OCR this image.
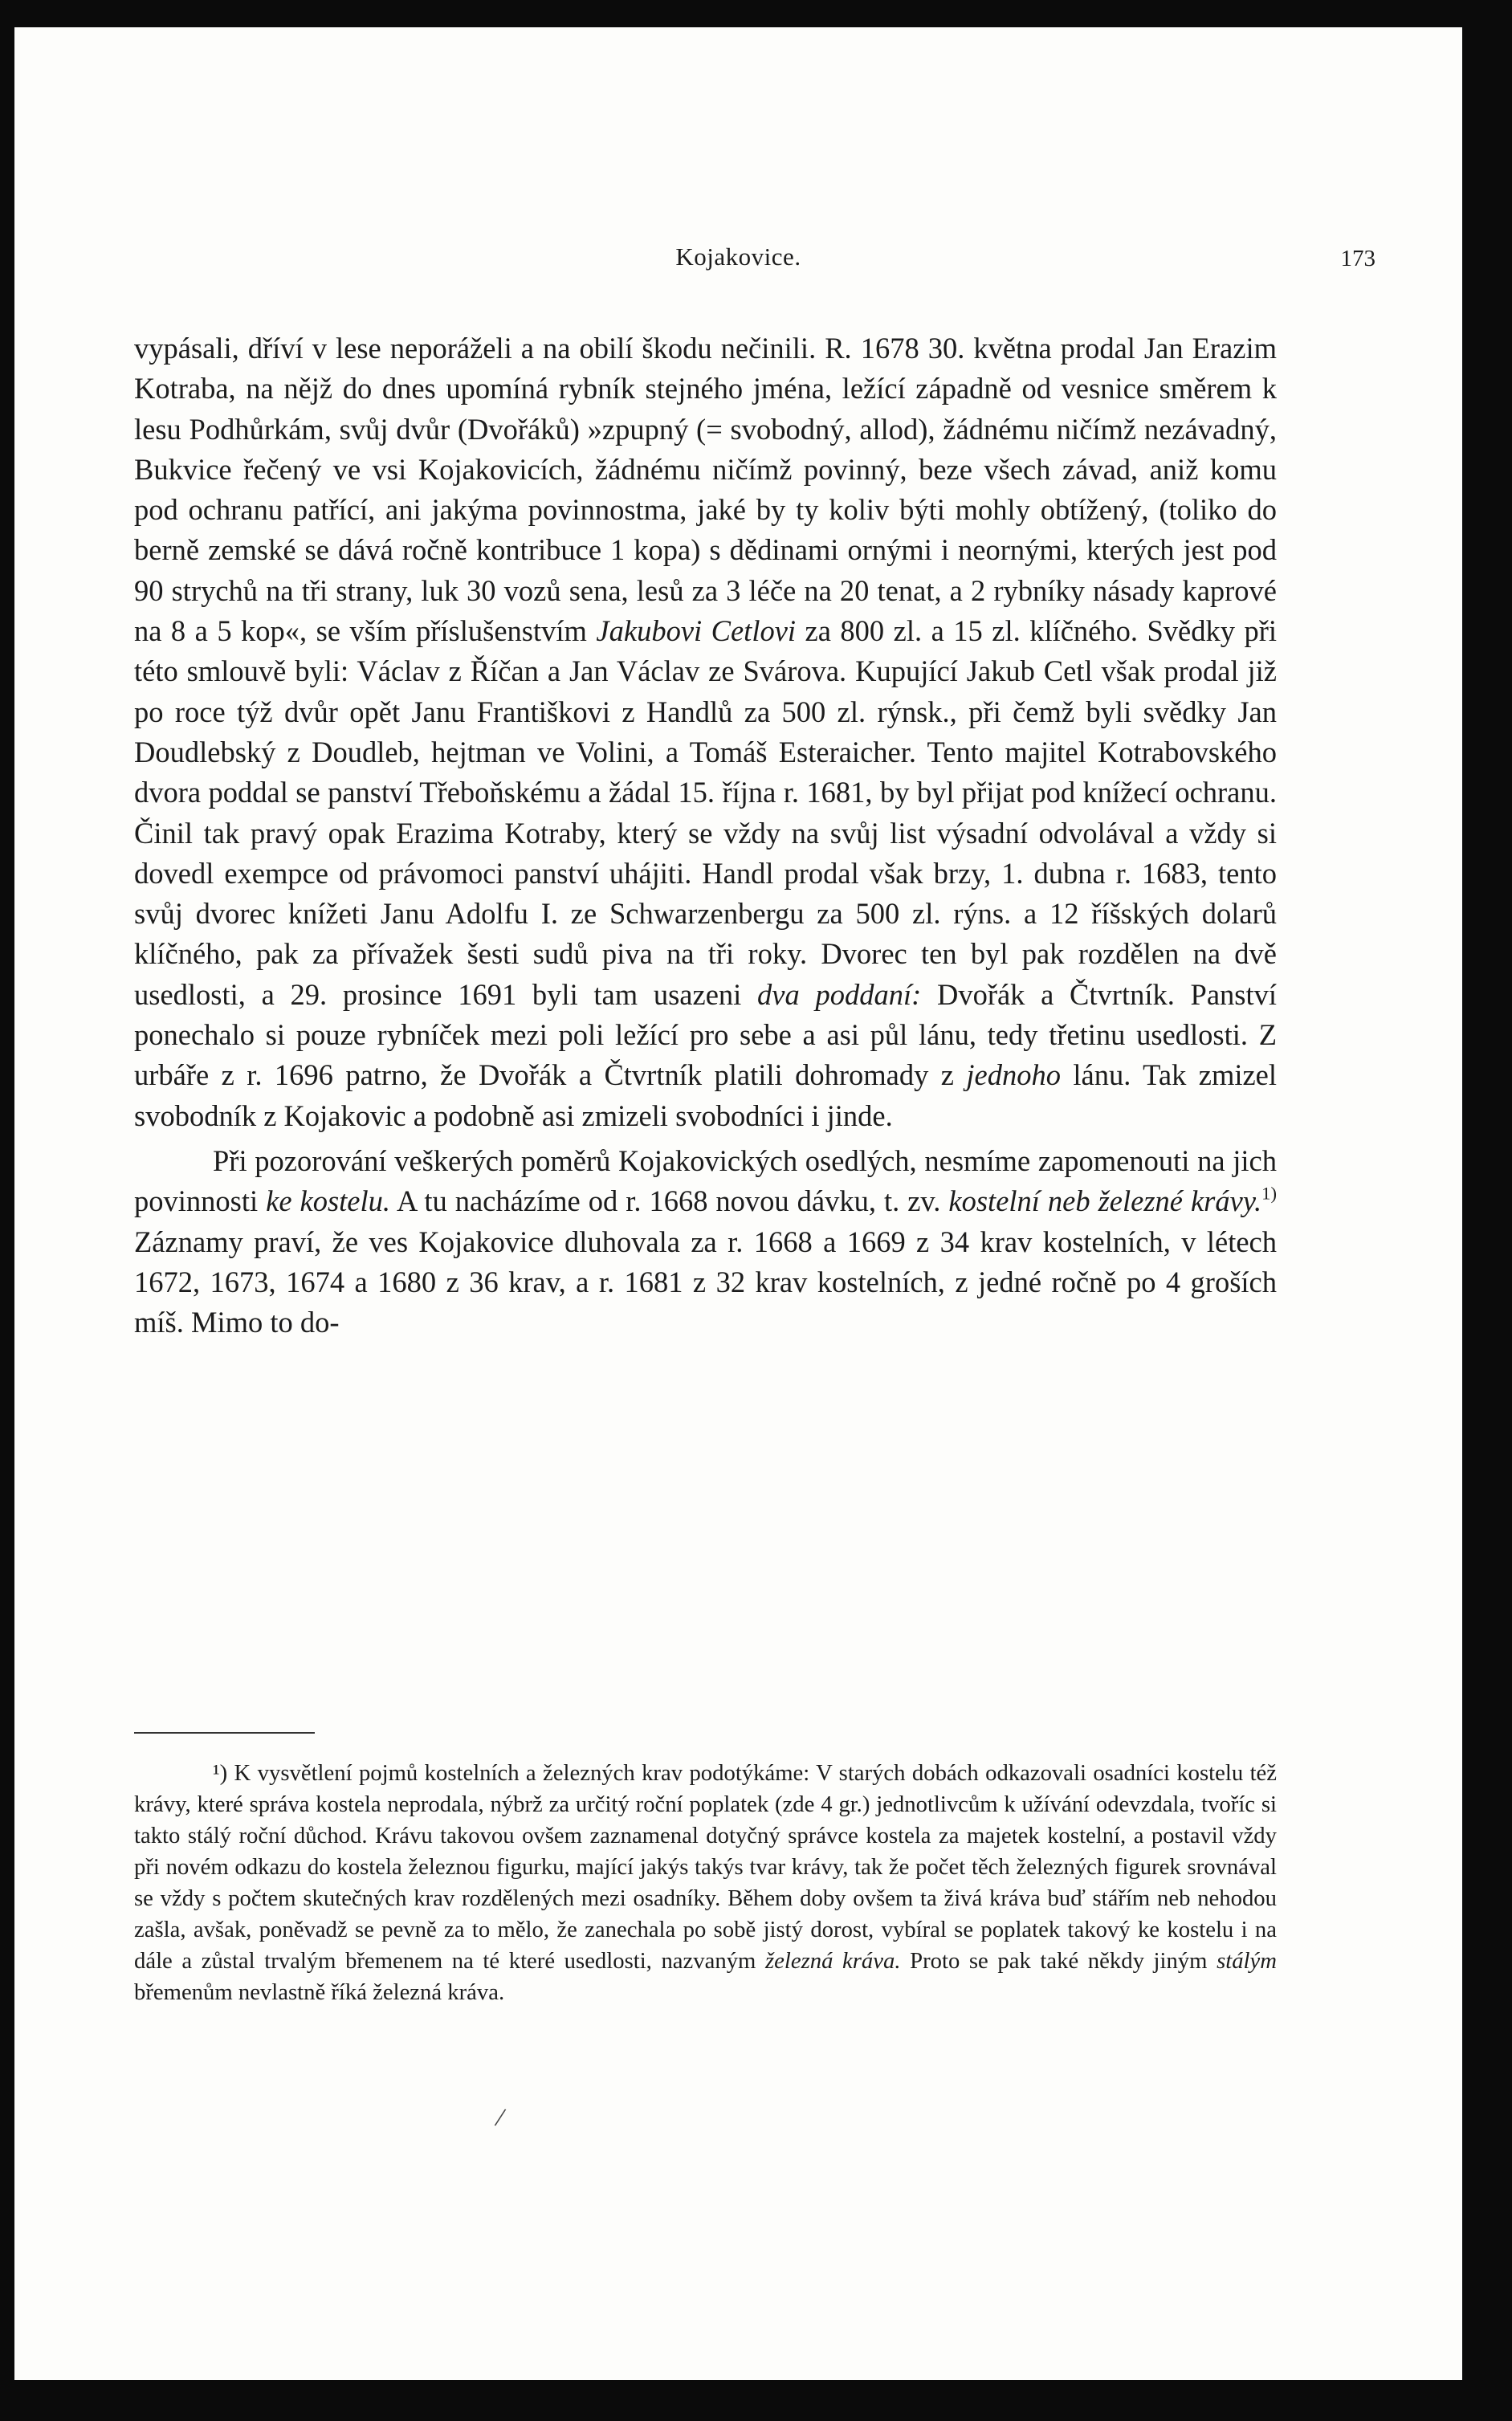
Kojakovice.	173

vypásali, dříví v lese neporáželi a na obilí škodu nečinili. R. 1678 30. května prodal Jan Erazim Kotraba, na nějž do dnes upomíná rybník stejného jména, ležící západně od vesnice směrem k lesu Podhůrkám, svůj dvůr (Dvořáků) »zpupný (= svobodný, allod), žádnému ničímž nezávadný, Bukvice řečený ve vsi Kojakovicích, žádnému ničímž povinný, beze všech závad, aniž komu pod ochranu patřící, ani jakýma povinnostma, jaké by ty koliv býti mohly obtížený, (toliko do berně zemské se dává ročně kontribuce 1 kopa) s dědinami ornými i neornými, kterých jest pod 90 strychů na tři strany, luk 30 vozů sena, lesů za 3 léče na 20 tenat, a 2 rybníky násady kaprové na 8 a 5 kop«, se vším příslušenstvím Jakubovi Cetlovi za 800 zl. a 15 zl. klíčného. Svědky při této smlouvě byli: Václav z Říčan a Jan Václav ze Svárova. Kupující Jakub Cetl však prodal již po roce týž dvůr opět Janu Františkovi z Handlů za 500 zl. rýnsk., při čemž byli svědky Jan Doudlebský z Doudleb, hejtman ve Volini, a Tomáš Esteraicher. Tento majitel Kotrabovského dvora poddal se panství Třeboňskému a žádal 15. října r. 1681, by byl přijat pod knížecí ochranu. Činil tak pravý opak Erazima Kotraby, který se vždy na svůj list výsadní odvolával a vždy si dovedl exempce od právomoci panství uhájiti. Handl prodal však brzy, 1. dubna r. 1683, tento svůj dvorec knížeti Janu Adolfu I. ze Schwarzenbergu za 500 zl. rýns. a 12 říšských dolarů klíčného, pak za přívažek šesti sudů piva na tři roky. Dvorec ten byl pak rozdělen na dvě usedlosti, a 29. prosince 1691 byli tam usazeni dva poddaní: Dvořák a Čtvrtník. Panství ponechalo si pouze rybníček mezi poli ležící pro sebe a asi půl lánu, tedy třetinu usedlosti. Z urbáře z r. 1696 patrno, že Dvořák a Čtvrtník platili dohromady z jednoho lánu. Tak zmizel svobodník z Kojakovic a podobně asi zmizeli svobodníci i jinde.

Při pozorování veškerých poměrů Kojakovických osedlých, nesmíme zapomenouti na jich povinnosti ke kostelu. A tu nacházíme od r. 1668 novou dávku, t. zv. kostelní neb železné krávy.$^{1)}$ Záznamy praví, že ves Kojakovice dluhovala za r. 1668 a 1669 z 34 krav kostelních, v létech 1672, 1673, 1674 a 1680 z 36 krav, a r. 1681 z 32 krav kostelních, z jedné ročně po 4 groších míš. Mimo to do-

¹) K vysvětlení pojmů kostelních a železných krav podotýkáme: V starých dobách odkazovali osadníci kostelu též krávy, které správa kostela neprodala, nýbrž za určitý roční poplatek (zde 4 gr.) jednotlivcům k užívání odevzdala, tvoříc si takto stálý roční důchod. Krávu takovou ovšem zaznamenal dotyčný správce kostela za majetek kostelní, a postavil vždy při novém odkazu do kostela železnou figurku, mající jakýs takýs tvar krávy, tak že počet těch železných figurek srovnával se vždy s počtem skutečných krav rozdělených mezi osadníky. Během doby ovšem ta živá kráva buď stářím neb nehodou zašla, avšak, poněvadž se pevně za to mělo, že zanechala po sobě jistý dorost, vybíral se poplatek takový ke kostelu i na dále a zůstal trvalým břemenem na té které usedlosti, nazvaným železná kráva. Proto se pak také někdy jiným stálým břemenům nevlastně říká železná kráva.

/
